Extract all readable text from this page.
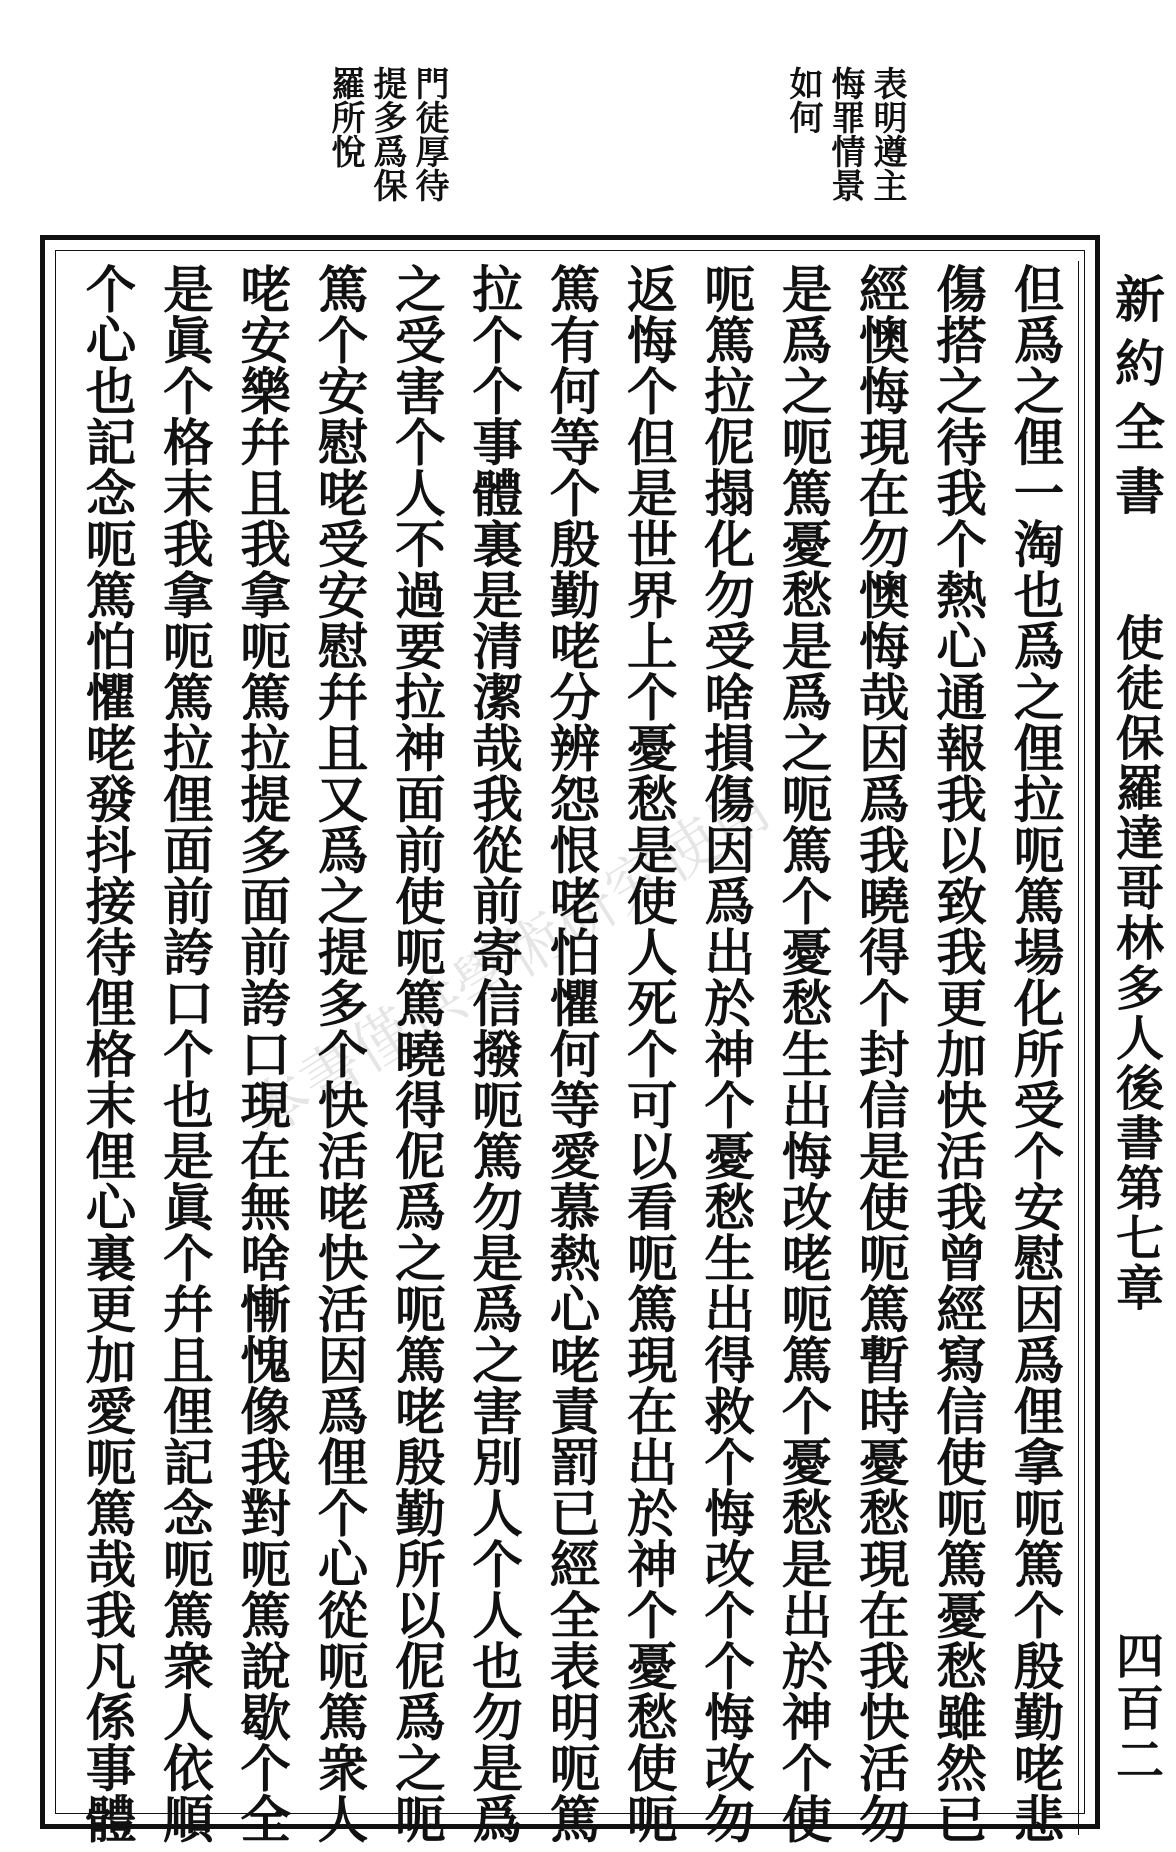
表明遵主
悔罪情景
如何
門徒厚待
提多爲保
羅所悅
新約全書
使徒保羅達哥林多人後書第七章
四百二
但爲之俚一淘也爲之俚拉呃篤場化所受个安慰因爲俚拿呃篤个殷勤咾悲
傷搭之待我个熱心通報我以致我更加快活我曾經寫信使呃篤憂愁雖然已
經懊悔現在勿懊悔哉因爲我曉得个封信是使呃篤暫時憂愁現在我快活勿
是爲之呃篤憂愁是爲之呃篤个憂愁生出悔改咾呃篤个憂愁是出於神个使
呃篤拉伲搨化勿受啥損傷因爲出於神个憂愁生出得救个悔改个个悔改勿
返悔个但是世界上个憂愁是使人死个可以看呃篤現在出於神个憂愁使呃
篤有何等个殷勤咾分辨怨恨咾怕懼何等愛慕熱心咾責罰已經全表明呃篤
拉个个事體裏是清潔哉我從前寄信撥呃篤勿是爲之害別人个人也勿是爲
之受害个人不過要拉神面前使呃篤曉得伲爲之呃篤咾殷勤所以伲爲之呃
篤个安慰咾受安慰幷且又爲之提多个快活咾快活因爲俚个心從呃篤衆人
咾安樂幷且我拿呃篤拉提多面前誇口現在無啥慚愧像我對呃篤說歇个全
是眞个格末我拿呃篤拉俚面前誇口个也是眞个幷且俚記念呃篤衆人依順
个心也記念呃篤怕懼咾發抖接待俚格末俚心裏更加愛呃篤哉我凡係事體	本書僅供學術研究使用
